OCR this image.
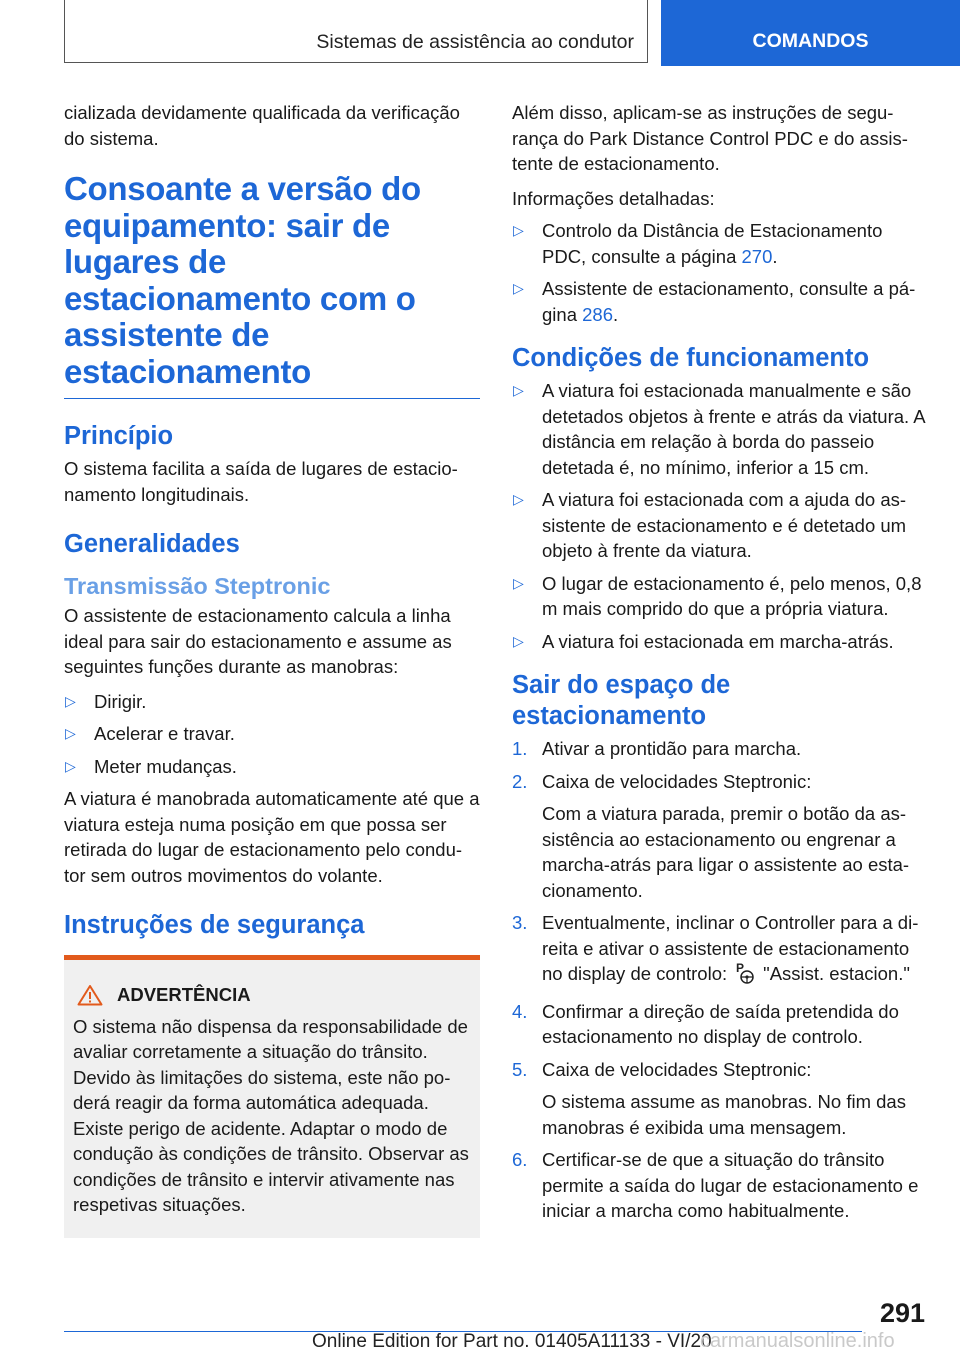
Sistemas de assistência ao condutor	COMANDOS

cializada devidamente qualificada da verificação do sistema.

Consoante a versão do equipamento: sair de lugares de estacionamento com o assistente de estacionamento
Princípio

O sistema facilita a saída de lugares de estacio-namento longitudinais.

Generalidades
Transmissão Steptronic

O assistente de estacionamento calcula a linha ideal para sair do estacionamento e assume as seguintes funções durante as manobras:

▷ Dirigir.
▷ Acelerar e travar.
▷ Meter mudanças.

A viatura é manobrada automaticamente até que a viatura esteja numa posição em que possa ser retirada do lugar de estacionamento pelo condu-tor sem outros movimentos do volante.

Instruções de segurança
ADVERTÊNCIA
O sistema não dispensa da responsabilidade de avaliar corretamente a situação do trânsito. Devido às limitações do sistema, este não po-derá reagir da forma automática adequada. Existe perigo de acidente. Adaptar o modo de condução às condições de trânsito. Observar as condições de trânsito e intervir ativamente nas respetivas situações.

Além disso, aplicam-se as instruções de segu-rança do Park Distance Control PDC e do assis-tente de estacionamento.

Informações detalhadas:

▷ Controlo da Distância de Estacionamento PDC, consulte a página 270.
▷ Assistente de estacionamento, consulte a pá-gina 286.
Condições de funcionamento
▷ A viatura foi estacionada manualmente e são detetados objetos à frente e atrás da viatura. A distância em relação à borda do passeio detetada é, no mínimo, inferior a 15 cm.
▷ A viatura foi estacionada com a ajuda do as-sistente de estacionamento e é detetado um objeto à frente da viatura.
▷ O lugar de estacionamento é, pelo menos, 0,8 m mais comprido do que a própria viatura.
▷ A viatura foi estacionada em marcha-atrás.
Sair do espaço de estacionamento
1. Ativar a prontidão para marcha.
2. Caixa de velocidades Steptronic:
Com a viatura parada, premir o botão da as-sistência ao estacionamento ou engrenar a marcha-atrás para ligar o assistente ao esta-cionamento.
3. Eventualmente, inclinar o Controller para a di-reita e ativar o assistente de estacionamento no display de controlo: P "Assist. estacion."
4. Confirmar a direção de saída pretendida do estacionamento no display de controlo.
5. Caixa de velocidades Steptronic:
O sistema assume as manobras. No fim das manobras é exibida uma mensagem.
6. Certificar-se de que a situação do trânsito permite a saída do lugar de estacionamento e iniciar a marcha como habitualmente.
291
Online Edition for Part no. 01405A11133 - VI/20
carmanualsonline.info
